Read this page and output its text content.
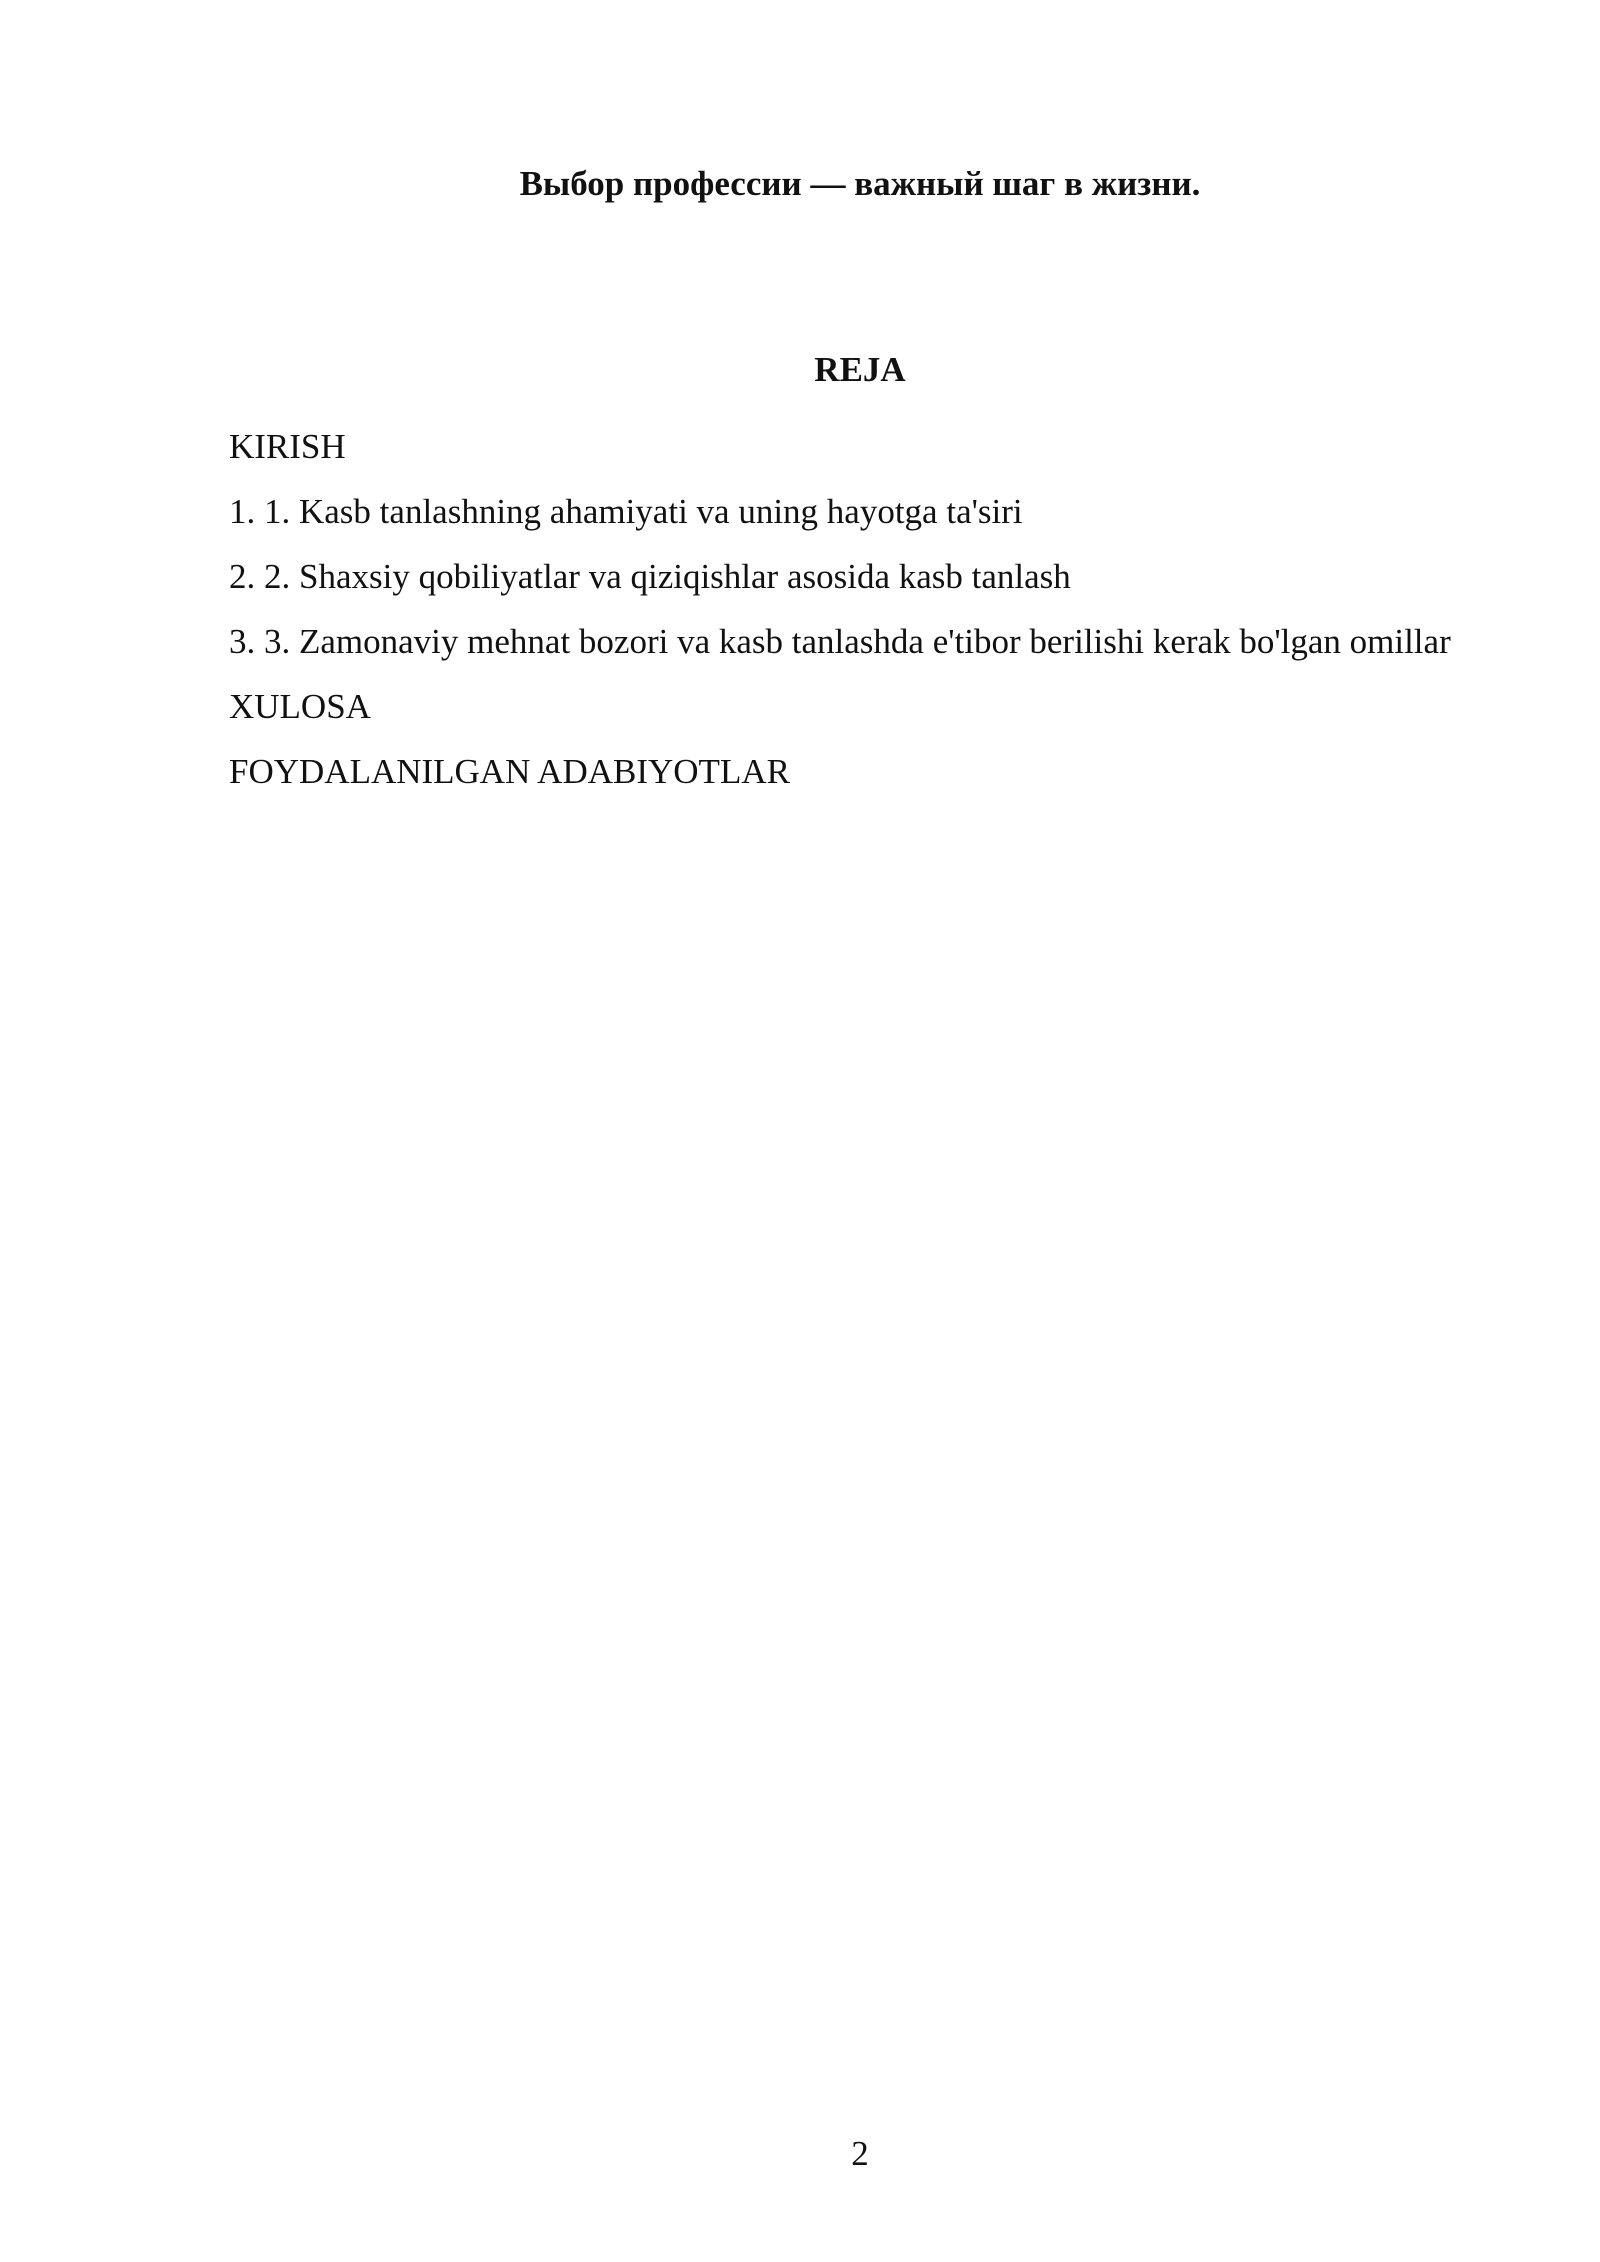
Выбор профессии — важный шаг в жизни.
REJA
KIRISH
1. 1. Kasb tanlashning ahamiyati va uning hayotga ta'siri
2. 2. Shaxsiy qobiliyatlar va qiziqishlar asosida kasb tanlash
3. 3. Zamonaviy mehnat bozori va kasb tanlashda e'tibor berilishi kerak bo'lgan omillar
XULOSA
FOYDALANILGAN ADABIYOTLAR
2
